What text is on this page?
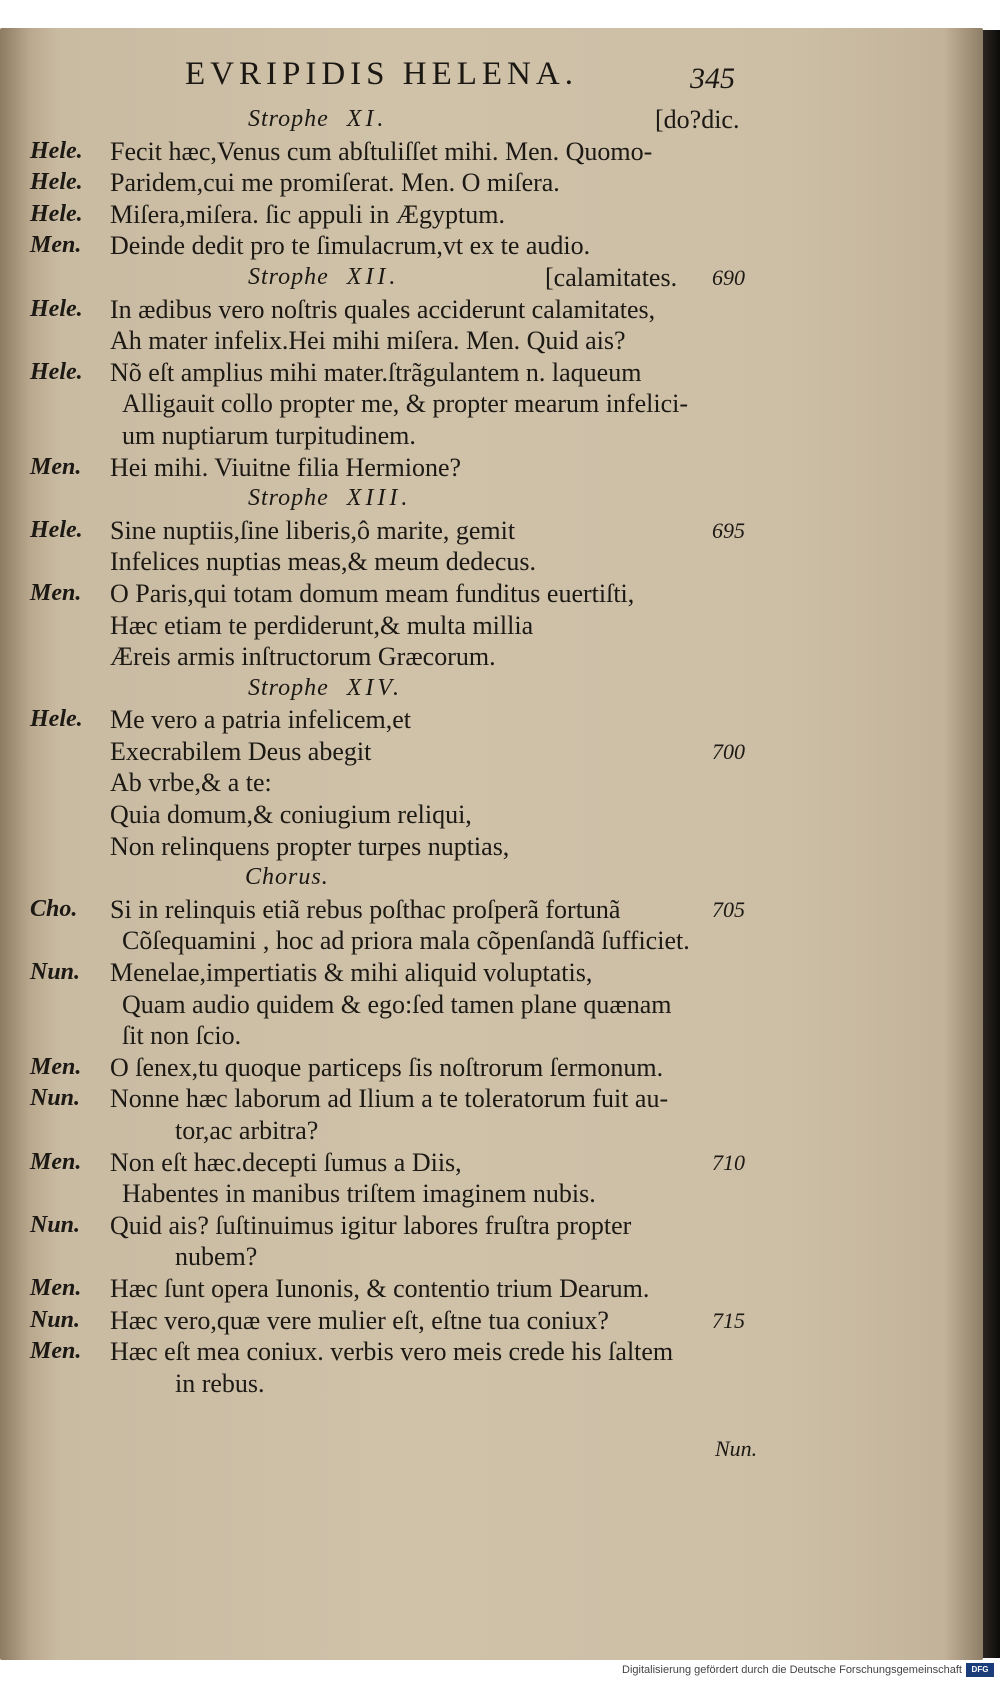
EVRIPIDIS HELENA.	345
Strophe XI.	[do?dic.
Hele.	Fecit hæc,Venus cum abſtuliſſet mihi. Men. Quomo-
Hele.	Paridem,cui me promiſerat. Men. O miſera.
Hele.	Miſera,miſera. ſic appuli in Ægyptum.
Men.	Deinde dedit pro te ſimulacrum,vt ex te audio.
Strophe XII.	[calamitates. 690
Hele.	In ædibus vero noſtris quales acciderunt calamitates,
Ah mater infelix.Hei mihi miſera. Men. Quid ais?
Hele.	Nõ eſt amplius mihi mater.ſtrãgulantem n. laqueum
Alligauit collo propter me, & propter mearum infelici-
um nuptiarum turpitudinem.
Men.	Hei mihi. Viuitne filia Hermione?
Strophe XIII.
Hele.	Sine nuptiis,ſine liberis,ô marite, gemit	695
Infelices nuptias meas,& meum dedecus.
Men.	O Paris,qui totam domum meam funditus euertiſti,
Hæc etiam te perdiderunt,& multa millia
Æreis armis inſtructorum Græcorum.
Strophe XIV.
Hele.	Me vero a patria infelicem,et
Execrabilem Deus abegit	700
Ab vrbe,& a te:
Quia domum,& coniugium reliqui,
Non relinquens propter turpes nuptias,
Chorus.
Cho.	Si in relinquis etiã rebus poſthac proſperã fortunã	705
Cõſequamini , hoc ad priora mala cõpenſandã ſufficiet.
Nun.	Menelae,impertiatis & mihi aliquid voluptatis,
Quam audio quidem & ego:ſed tamen plane quænam
ſit non ſcio.
Men.	O ſenex,tu quoque particeps ſis noſtrorum ſermonum.
Nun.	Nonne hæc laborum ad Ilium a te toleratorum fuit au-
tor,ac arbitra?
Men.	Non eſt hæc.decepti ſumus a Diis,	710
Habentes in manibus triſtem imaginem nubis.
Nun.	Quid ais? ſuſtinuimus igitur labores fruſtra propter
nubem?
Men.	Hæc ſunt opera Iunonis, & contentio trium Dearum.
Nun.	Hæc vero,quæ vere mulier eſt, eſtne tua coniux?	715
Men.	Hæc eſt mea coniux. verbis vero meis crede his ſaltem
in rebus.
Nun.
Digitalisierung gefördert durch die Deutsche Forschungsgemeinschaft	DFG
